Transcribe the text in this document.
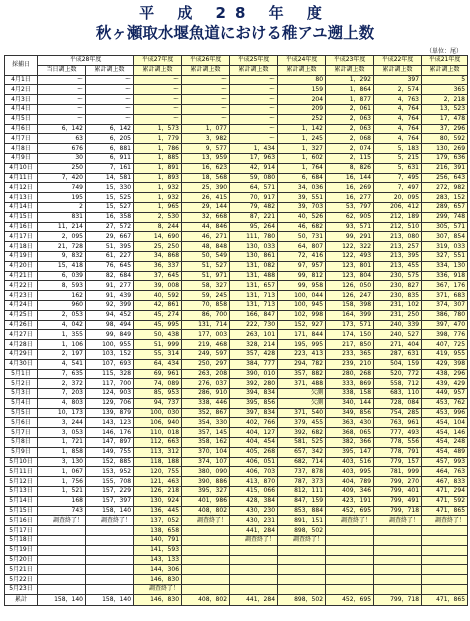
平 成 28 年 度
秋ヶ瀬取水堰魚道における稚アユ遡上数
（単位：尾）
採捕日	平成28年度		平成27年度	平成26年度	平成25年度	平成24年度	平成23年度	平成22年度	平成21年度
	当日調上数	累計調上数	累計調上数	累計調上数	累計調上数	累計調上数	累計調上数	累計調上数	累計調上数
4月1日	ー	ー	ー	ー	ー	80	1，292	397	5
4月2日	ー	ー	ー	ー	ー	159	1，864	2，574	365
4月3日	ー	ー	ー	ー	ー	204	1，877	4，763	2，218
4月4日	ー	ー	ー	ー	ー	209	2，061	4，764	13，523
4月5日	ー	ー	ー	ー	ー	252	2，063	4，764	17，478
4月6日	6，142	6，142	1，573	1，077	ー	1，142	2，063	4，764	37，296
4月7日	63	6，205	1，779	3，982	ー	1，245	2，068	4，764	80，592
4月8日	676	6，881	1，786	9，577	1，434	1，327	2，074	5，183	130，269
4月9日	30	6，911	1，885	13，959	17，963	1，602	2，115	5，215	179，636
4月10日	250	7，161	1，891	16，623	42，914	1，764	8，826	5，631	216，391
4月11日	7，420	14，581	1，893	18，568	59，080	6，684	16，144	7，495	256，643
4月12日	749	15，330	1，932	25，390	64，571	34，036	16，269	7，497	272，982
4月13日	195	15，525	1，932	26，415	70，917	39，551	16，277	20，095	283，152
4月14日	2	15，527	1，965	29，144	79，482	39，703	53，797	206，412	289，657
4月15日	831	16，358	2，530	32，668	87，221	40，526	62，905	212，189	299，748
4月16日	11，214	27，572	8，244	44，846	95，264	46，682	93，571	212，510	305，571
4月17日	2，095	29，667	14，690	46，271	111，780	50，731	99，291	213，080	307，854
4月18日	21，728	51，395	25，250	48，848	130，033	64，807	122，322	213，257	319，033
4月19日	9，832	61，227	34，868	50，549	130，861	72，416	122，493	213，395	327，551
4月20日	15，418	76，645	36，337	51，527	131，082	97，957	123，801	213，455	334，130
4月21日	6，039	82，684	37，645	51，971	131，488	99，812	123，804	230，575	336，918
4月22日	8，593	91，277	39，008	58，327	131，657	99，958	126，050	230，827	367，176
4月23日	162	91，439	40，592	59，245	131，713	100，044	126，247	230，835	371，683
4月24日	960	92，399	42，861	70，858	131，713	100，945	158，398	231，102	374，307
4月25日	2，053	94，452	45，274	86，700	166，847	102，998	164，399	231，250	386，780
4月26日	4，042	98，494	45，995	131，714	222，730	152，927	173，571	240，339	397，470
4月27日	1，355	99，849	50，438	177，003	263，101	171，844	174，150	240，527	398，776
4月28日	1，106	100，955	51，999	219，468	328，214	195，995	217，850	271，404	407，725
4月29日	2，197	103，152	55，314	249，597	357，428	223，413	233，365	287，631	419，955
4月30日	4，541	107，693	64，434	250，297	384，777	294，782	239，210	504，159	429，398
5月1日	7，635	115，328	69，961	263，208	390，010	357，882	280，268	520，772	438，296
5月2日	2，372	117，700	74，089	276，037	392，280	371，488	333，869	558，712	439，429
5月3日	7，203	124，903	85，953	286，910	394，834	欠測	338，158	683，110	449，957
5月4日	4，803	129，706	94，737	338，446	395，856	欠測	340，144	728，084	453，762
5月5日	10，173	139，879	100，030	352，867	397，834	371，540	349，856	754，285	453，996
5月6日	3，244	143，123	106，940	354，330	402，766	379，455	363，430	763，961	454，104
5月7日	3，053	146，176	110，018	357，145	404，127	392，682	368，065	777，493	454，146
5月8日	1，721	147，897	112，663	358，162	404，454	581，525	382，366	778，556	454，248
5月9日	1，858	149，755	113，312	370，104	405，268	657，342	395，147	778，791	454，489
5月10日	3，130	152，885	118，188	374，107	406，051	682，714	403，516	779，157	457，993
5月11日	1，067	153，952	120，755	380，090	406，703	737，878	403，995	781，999	464，763
5月12日	1，756	155，708	121，463	390，886	413，870	787，373	404，789	799，270	467，833
5月13日	1，521	157，229	126，218	395，327	415，066	812，111	409，346	799，401	471，294
5月14日	168	157，397	130，924	401，986	428，384	847，159	423，191	799，491	471，592
5月15日	743	158，140	136，445	408，802	430，230	853，884	452，695	799，718	471，865
5月16日	調査終了！	調査終了！	137，052	調査終了！	430，231	891，151	調査終了！	調査終了！	調査終了！
5月17日			138，658		441，284	898，502			
5月18日			140，791		調査終了！	調査終了！			
5月19日			141，593						
5月20日			143，133						
5月21日			144，306						
5月22日			146，830						
5月23日			調査終了！						
累計	158，140	158，140	146，830	408，802	441，284	898，502	452，695	799，718	471，865
